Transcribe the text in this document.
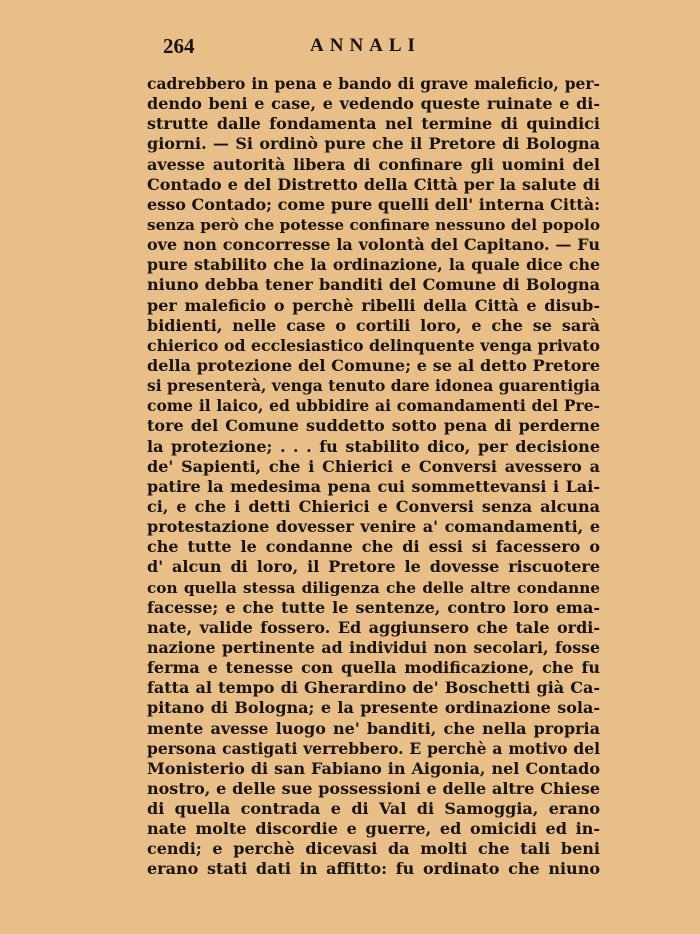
264	ANNALI
cadrebbero in pena e bando di grave maleficio, per-
dendo beni e case, e vedendo queste ruinate e di-
strutte dalle fondamenta nel termine di quindici
giorni. — Si ordinò pure che il Pretore di Bologna
avesse autorità libera di confinare gli uomini del
Contado e del Distretto della Città per la salute di
esso Contado; come pure quelli dell' interna Città:
senza però che potesse confinare nessuno del popolo
ove non concorresse la volontà del Capitano. — Fu
pure stabilito che la ordinazione, la quale dice che
niuno debba tener banditi del Comune di Bologna
per maleficio o perchè ribelli della Città e disub-
bidienti, nelle case o cortili loro, e che se sarà
chierico od ecclesiastico delinquente venga privato
della protezione del Comune; e se al detto Pretore
si presenterà, venga tenuto dare idonea guarentigia
come il laico, ed ubbidire ai comandamenti del Pre-
tore del Comune suddetto sotto pena di perderne
la protezione; . . . fu stabilito dico, per decisione
de' Sapienti, che i Chierici e Conversi avessero a
patire la medesima pena cui sommettevansi i Lai-
ci, e che i detti Chierici e Conversi senza alcuna
protestazione dovesser venire a' comandamenti, e
che tutte le condanne che di essi si facessero o
d' alcun di loro, il Pretore le dovesse riscuotere
con quella stessa diligenza che delle altre condanne
facesse; e che tutte le sentenze, contro loro ema-
nate, valide fossero. Ed aggiunsero che tale ordi-
nazione pertinente ad individui non secolari, fosse
ferma e tenesse con quella modificazione, che fu
fatta al tempo di Gherardino de' Boschetti già Ca-
pitano di Bologna; e la presente ordinazione sola-
mente avesse luogo ne' banditi, che nella propria
persona castigati verrebbero. E perchè a motivo del
Monisterio di san Fabiano in Aigonia, nel Contado
nostro, e delle sue possessioni e delle altre Chiese
di quella contrada e di Val di Samoggia, erano
nate molte discordie e guerre, ed omicidi ed in-
cendi; e perchè dicevasi da molti che tali beni
erano stati dati in affitto: fu ordinato che niuno
